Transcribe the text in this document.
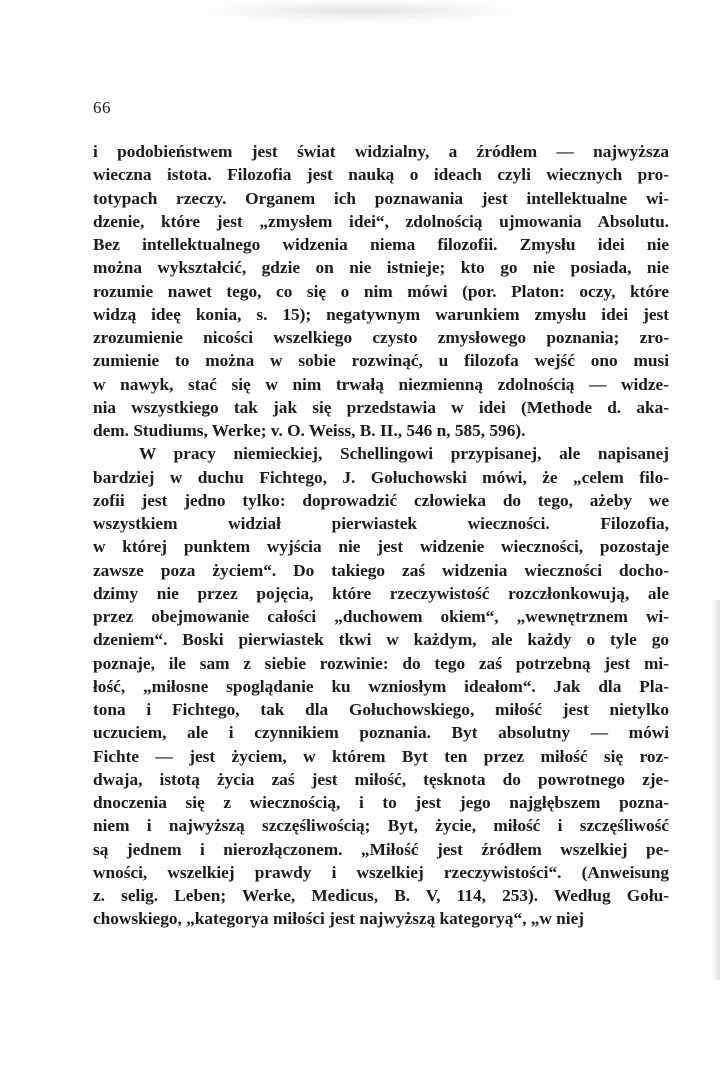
66
i podobieństwem jest świat widzialny, a źródłem — najwyższa
wieczna istota. Filozofia jest nauką o ideach czyli wiecznych pro-
totypach rzeczy. Organem ich poznawania jest intellektualne wi-
dzenie, które jest „zmysłem idei“, zdolnością ujmowania Absolutu.
Bez intellektualnego widzenia niema filozofii. Zmysłu idei nie
można wykształcić, gdzie on nie istnieje; kto go nie posiada, nie
rozumie nawet tego, co się o nim mówi (por. Platon: oczy, które
widzą ideę konia, s. 15); negatywnym warunkiem zmysłu idei jest
zrozumienie nicości wszelkiego czysto zmysłowego poznania; zro-
zumienie to można w sobie rozwinąć, u filozofa wejść ono musi
w nawyk, stać się w nim trwałą niezmienną zdolnością — widze-
nia wszystkiego tak jak się przedstawia w idei (Methode d. aka-
dem. Studiums, Werke; v. O. Weiss, B. II., 546 n, 585, 596).
W pracy niemieckiej, Schellingowi przypisanej, ale napisanej
bardziej w duchu Fichtego, J. Gołuchowski mówi, że „celem filo-
zofii jest jedno tylko: doprowadzić człowieka do tego, ażeby we
wszystkiem widział pierwiastek wieczności. Filozofia,
w której punktem wyjścia nie jest widzenie wieczności, pozostaje
zawsze poza życiem“. Do takiego zaś widzenia wieczności docho-
dzimy nie przez pojęcia, które rzeczywistość rozczłonkowują, ale
przez obejmowanie całości „duchowem okiem“, „wewnętrznem wi-
dzeniem“. Boski pierwiastek tkwi w każdym, ale każdy o tyle go
poznaje, ile sam z siebie rozwinie: do tego zaś potrzebną jest mi-
łość, „miłosne spoglądanie ku wzniosłym ideałom“. Jak dla Pla-
tona i Fichtego, tak dla Gołuchowskiego, miłość jest nietylko
uczuciem, ale i czynnikiem poznania. Byt absolutny — mówi
Fichte — jest życiem, w którem Byt ten przez miłość się roz-
dwaja, istotą życia zaś jest miłość, tęsknota do powrotnego zje-
dnoczenia się z wiecznością, i to jest jego najgłębszem pozna-
niem i najwyższą szczęśliwością; Byt, życie, miłość i szczęśliwość
są jednem i nierozłączonem. „Miłość jest źródłem wszelkiej pe-
wności, wszelkiej prawdy i wszelkiej rzeczywistości“. (Anweisung
z. selig. Leben; Werke, Medicus, B. V, 114, 253). Według Gołu-
chowskiego, „kategorya miłości jest najwyższą kategoryą“, „w niej
